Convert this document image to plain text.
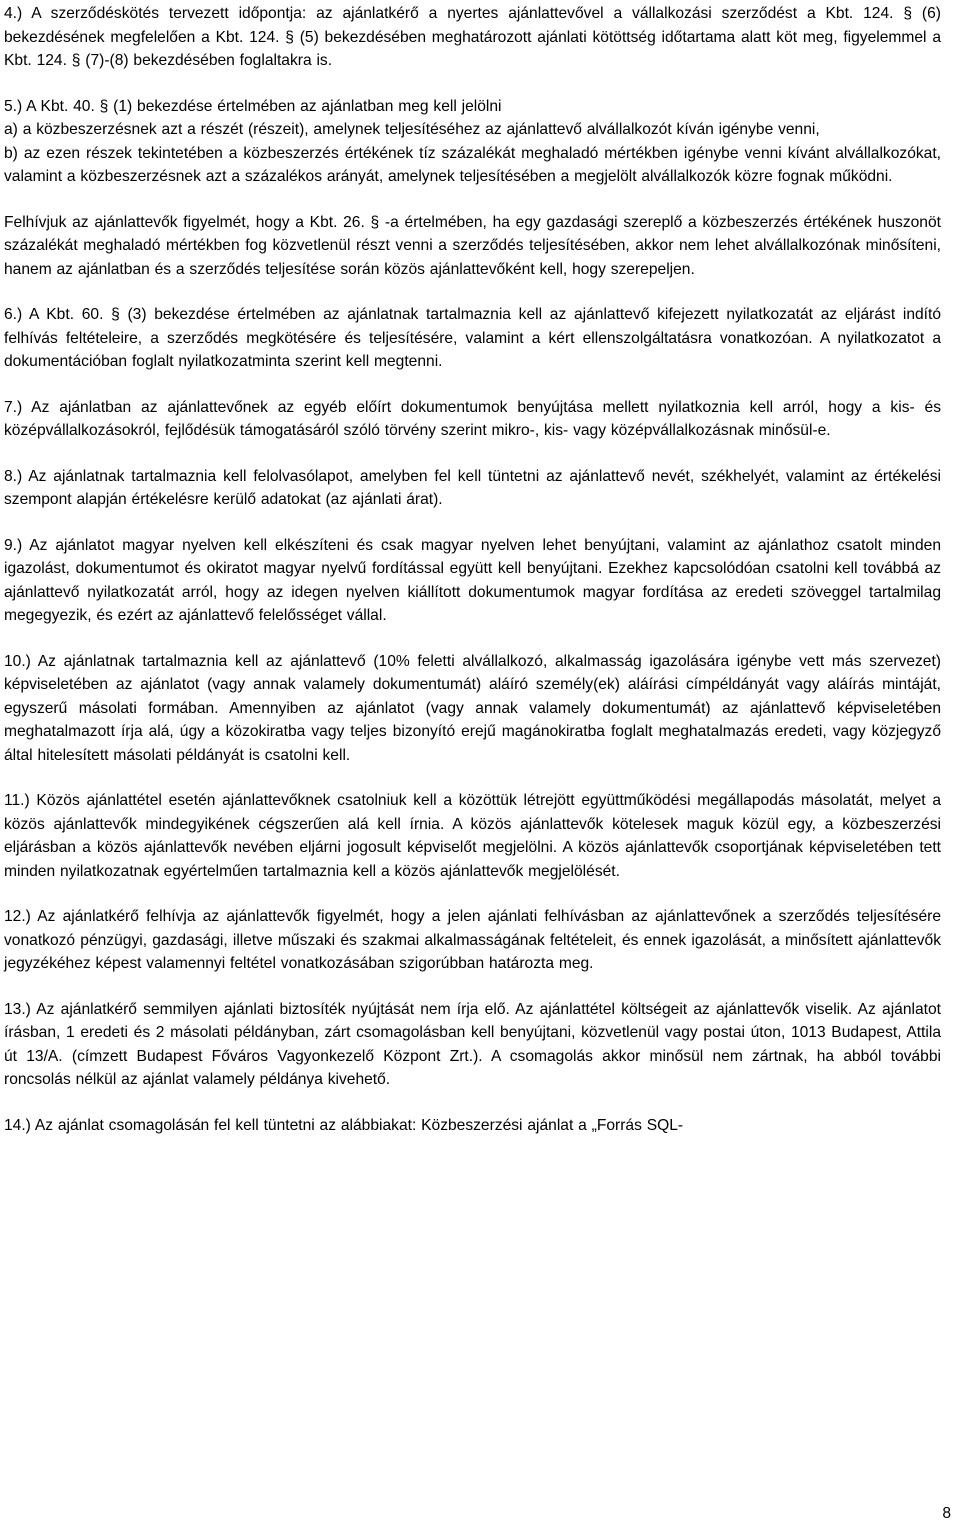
4.) A szerződéskötés tervezett időpontja: az ajánlatkérő a nyertes ajánlattevővel a vállalkozási szerződést a Kbt. 124. § (6) bekezdésének megfelelően a Kbt. 124. § (5) bekezdésében meghatározott ajánlati kötöttség időtartama alatt köt meg, figyelemmel a Kbt. 124. § (7)-(8) bekezdésében foglaltakra is.

5.) A Kbt. 40. § (1) bekezdése értelmében az ajánlatban meg kell jelölni
a) a közbeszerzésnek azt a részét (részeit), amelynek teljesítéséhez az ajánlattevő alvállalkozót kíván igénybe venni,
b) az ezen részek tekintetében a közbeszerzés értékének tíz százalékát meghaladó mértékben igénybe venni kívánt alvállalkozókat, valamint a közbeszerzésnek azt a százalékos arányát, amelynek teljesítésében a megjelölt alvállalkozók közre fognak működni.

Felhívjuk az ajánlattevők figyelmét, hogy a Kbt. 26. § -a értelmében, ha egy gazdasági szereplő a közbeszerzés értékének huszonöt százalékát meghaladó mértékben fog közvetlenül részt venni a szerződés teljesítésében, akkor nem lehet alvállalkozónak minősíteni, hanem az ajánlatban és a szerződés teljesítése során közös ajánlattevőként kell, hogy szerepeljen.

6.) A Kbt. 60. § (3) bekezdése értelmében az ajánlatnak tartalmaznia kell az ajánlattevő kifejezett nyilatkozatát az eljárást indító felhívás feltételeire, a szerződés megkötésére és teljesítésére, valamint a kért ellenszolgáltatásra vonatkozóan. A nyilatkozatot a dokumentációban foglalt nyilatkozatminta szerint kell megtenni.

7.) Az ajánlatban az ajánlattevőnek az egyéb előírt dokumentumok benyújtása mellett nyilatkoznia kell arról, hogy a kis- és középvállalkozásokról, fejlődésük támogatásáról szóló törvény szerint mikro-, kis- vagy középvállalkozásnak minősül-e.

8.) Az ajánlatnak tartalmaznia kell felolvasólapot, amelyben fel kell tüntetni az ajánlattevő nevét, székhelyét, valamint az értékelési szempont alapján értékelésre kerülő adatokat (az ajánlati árat).

9.) Az ajánlatot magyar nyelven kell elkészíteni és csak magyar nyelven lehet benyújtani, valamint az ajánlathoz csatolt minden igazolást, dokumentumot és okiratot magyar nyelvű fordítással együtt kell benyújtani. Ezekhez kapcsolódóan csatolni kell továbbá az ajánlattevő nyilatkozatát arról, hogy az idegen nyelven kiállított dokumentumok magyar fordítása az eredeti szöveggel tartalmilag megegyezik, és ezért az ajánlattevő felelősséget vállal.

10.) Az ajánlatnak tartalmaznia kell az ajánlattevő (10% feletti alvállalkozó, alkalmasság igazolására igénybe vett más szervezet) képviseletében az ajánlatot (vagy annak valamely dokumentumát) aláíró személy(ek) aláírási címpéldányát vagy aláírás mintáját, egyszerű másolati formában. Amennyiben az ajánlatot (vagy annak valamely dokumentumát) az ajánlattevő képviseletében meghatalmazott írja alá, úgy a közokiratba vagy teljes bizonyító erejű magánokiratba foglalt meghatalmazás eredeti, vagy közjegyző által hitelesített másolati példányát is csatolni kell.

11.) Közös ajánlattétel esetén ajánlattevőknek csatolniuk kell a közöttük létrejött együttműködési megállapodás másolatát, melyet a közös ajánlattevők mindegyikének cégszerűen alá kell írnia. A közös ajánlattevők kötelesek maguk közül egy, a közbeszerzési eljárásban a közös ajánlattevők nevében eljárni jogosult képviselőt megjelölni. A közös ajánlattevők csoportjának képviseletében tett minden nyilatkozatnak egyértelműen tartalmaznia kell a közös ajánlattevők megjelölését.

12.) Az ajánlatkérő felhívja az ajánlattevők figyelmét, hogy a jelen ajánlati felhívásban az ajánlattevőnek a szerződés teljesítésére vonatkozó pénzügyi, gazdasági, illetve műszaki és szakmai alkalmasságának feltételeit, és ennek igazolását, a minősített ajánlattevők jegyzékéhez képest valamennyi feltétel vonatkozásában szigorúbban határozta meg.

13.) Az ajánlatkérő semmilyen ajánlati biztosíték nyújtását nem írja elő. Az ajánlattétel költségeit az ajánlattevők viselik. Az ajánlatot írásban, 1 eredeti és 2 másolati példányban, zárt csomagolásban kell benyújtani, közvetlenül vagy postai úton, 1013 Budapest, Attila út 13/A. (címzett Budapest Főváros Vagyonkezelő Központ Zrt.). A csomagolás akkor minősül nem zártnak, ha abból további roncsolás nélkül az ajánlat valamely példánya kivehető.

14.) Az ajánlat csomagolásán fel kell tüntetni az alábbiakat: Közbeszerzési ajánlat a „Forrás SQL-

8
